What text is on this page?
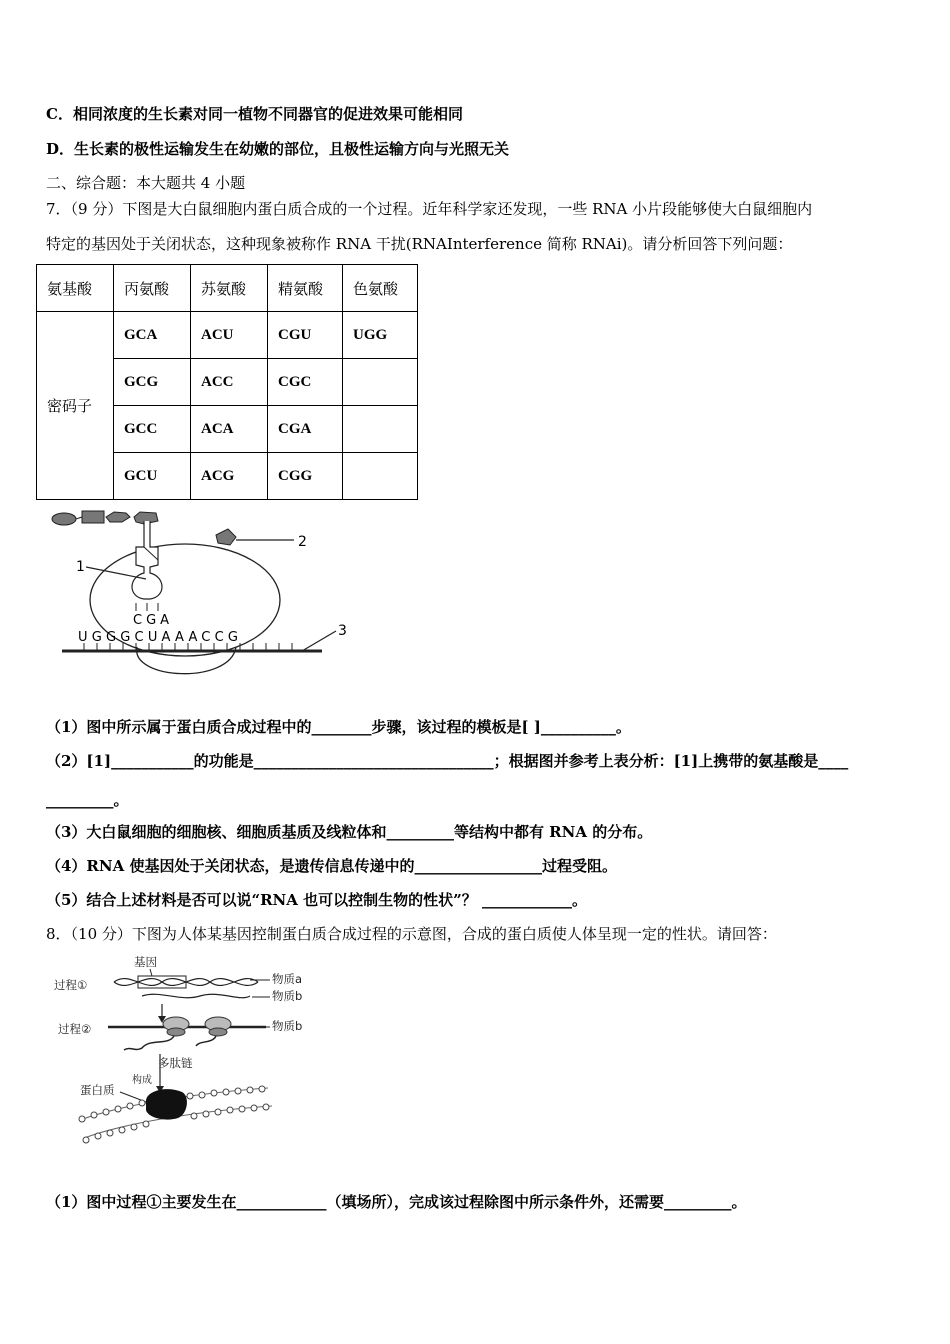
C．相同浓度的生长素对同一植物不同器官的促进效果可能相同
D．生长素的极性运输发生在幼嫩的部位，且极性运输方向与光照无关
二、综合题：本大题共 4 小题
7．（9 分）下图是大白鼠细胞内蛋白质合成的一个过程。近年科学家还发现，一些 RNA 小片段能够使大白鼠细胞内
特定的基因处于关闭状态，这种现象被称作 RNA 干扰(RNAInterference 简称 RNAi)。请分析回答下列问题：
氨基酸	丙氨酸	苏氨酸	精氨酸	色氨酸
密码子	GCA	ACU	CGU	UGG
	GCG	ACC	CGC	
	GCC	ACA	CGA	
	GCU	ACG	CGG	
2
CGA
1
UGGGCUAAACCG	3
（1）图中所示属于蛋白质合成过程中的________步骤，该过程的模板是[ ]__________。
（2）[1]___________的功能是________________________________；根据图并参考上表分析：[1]上携带的氨基酸是____
_________。
（3）大白鼠细胞的细胞核、细胞质基质及线粒体和_________等结构中都有 RNA 的分布。
（4）RNA 使基因处于关闭状态，是遗传信息传递中的_________________过程受阻。
（5）结合上述材料是否可以说“RNA 也可以控制生物的性状”？ ____________。
8．（10 分）下图为人体某基因控制蛋白质合成过程的示意图，合成的蛋白质使人体呈现一定的性状。请回答：
基因
过程①	物质a
物质b
过程②	物质b
多肽链
构成
蛋白质
（1）图中过程①主要发生在____________（填场所），完成该过程除图中所示条件外，还需要_________。
